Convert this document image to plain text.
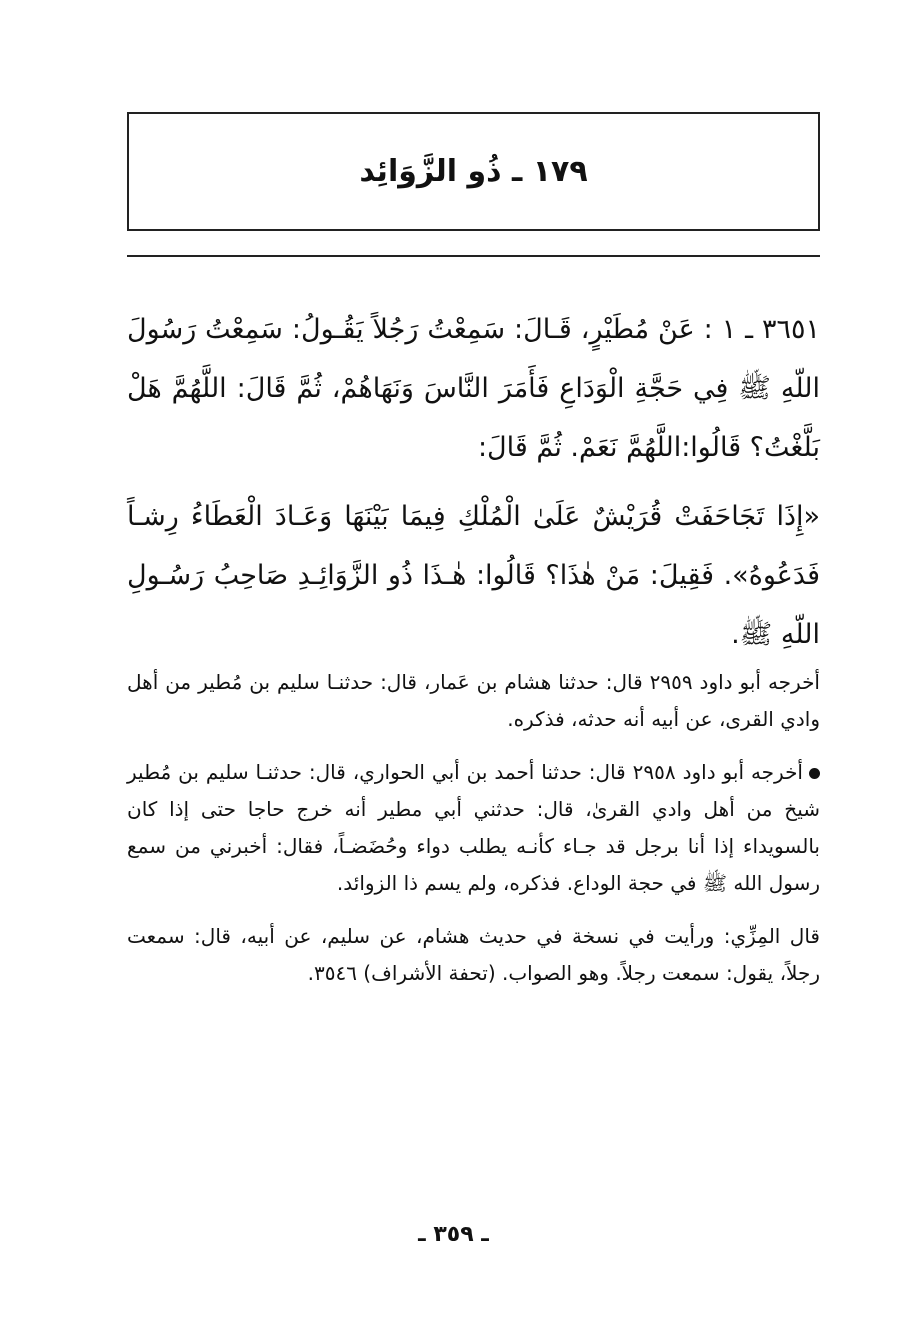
١٧٩ ـ ذُو الزَّوَائِد

٣٦٥١ ـ ١ : عَنْ مُطَيْرٍ، قَـالَ: سَمِعْتُ رَجُلاً يَقُـولُ: سَمِعْتُ رَسُولَ اللّهِ ﷺ فِي حَجَّةِ الْوَدَاعِ فَأَمَرَ النَّاسَ وَنَهَاهُمْ، ثُمَّ قَالَ: اللَّهُمَّ هَلْ بَلَّغْتُ؟ قَالُوا:اللَّهُمَّ نَعَمْ. ثُمَّ قَالَ:

«إِذَا تَجَاحَفَتْ قُرَيْشٌ عَلَىٰ الْمُلْكِ فِيمَا بَيْنَهَا وَعَـادَ الْعَطَاءُ رِشـاً فَدَعُوهُ». فَقِيلَ: مَنْ هٰذَا؟ قَالُوا: هٰـذَا ذُو الزَّوَائِـدِ صَاحِبُ رَسُـولِ اللّهِ ﷺ.

أخرجه أبو داود ٢٩٥٩ قال: حدثنا هشام بن عَمار، قال: حدثنـا سليم بن مُطير من أهل وادي القرى، عن أبيه أنه حدثه، فذكره.

أخرجه أبو داود ٢٩٥٨ قال: حدثنا أحمد بن أبي الحواري، قال: حدثنـا سليم بن مُطير شيخ من أهل وادي القرىٰ، قال: حدثني أبي مطير أنه خرج حاجا حتى إذا كان بالسويداء إذا أنا برجل قد جـاء كأنـه يطلب دواء وحُضَضـاً، فقال: أخبرني من سمع رسول الله ﷺ في حجة الوداع. فذكره، ولم يسم ذا الزوائد.

قال المِزِّي: ورأيت في نسخة في حديث هشام، عن سليم، عن أبيه، قال: سمعت رجلاً، يقول: سمعت رجلاً. وهو الصواب. (تحفة الأشراف) ٣٥٤٦.

ـ ٣٥٩ ـ
